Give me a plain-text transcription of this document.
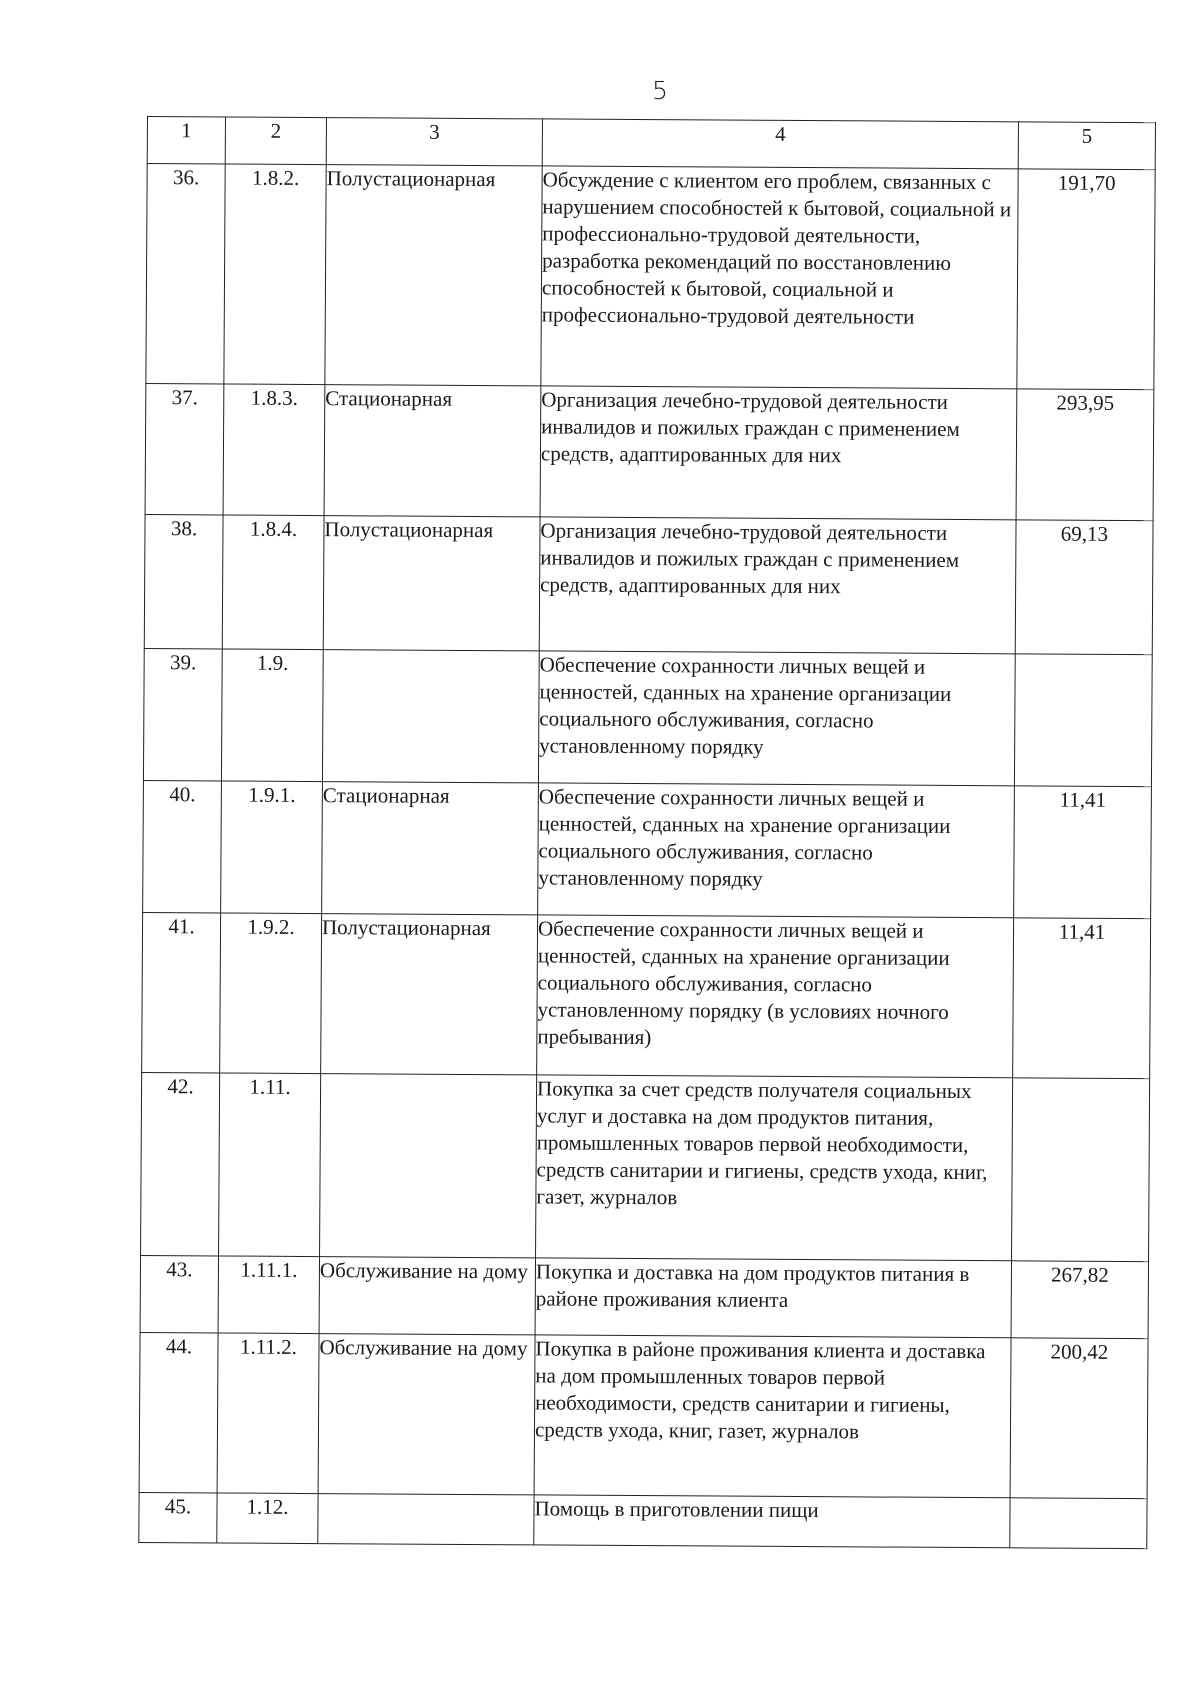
5
1	2	3	4	5
36.	1.8.2.	Полустационарная	Обсуждение с клиентом его проблем, связанных с нарушением способностей к бытовой, социальной и профессионально-трудовой деятельности, разработка рекомендаций по восстановлению способностей к бытовой, социальной и профессионально-трудовой деятельности	191,70
37.	1.8.3.	Стационарная	Организация лечебно-трудовой деятельности инвалидов и пожилых граждан с применением средств, адаптированных для них	293,95
38.	1.8.4.	Полустационарная	Организация лечебно-трудовой деятельности инвалидов и пожилых граждан с применением средств, адаптированных для них	69,13
39.	1.9.		Обеспечение сохранности личных вещей и ценностей, сданных на хранение организации социального обслуживания, согласно установленному порядку	
40.	1.9.1.	Стационарная	Обеспечение сохранности личных вещей и ценностей, сданных на хранение организации социального обслуживания, согласно установленному порядку	11,41
41.	1.9.2.	Полустационарная	Обеспечение сохранности личных вещей и ценностей, сданных на хранение организации социального обслуживания, согласно установленному порядку (в условиях ночного пребывания)	11,41
42.	1.11.		Покупка за счет средств получателя социальных услуг и доставка на дом продуктов питания, промышленных товаров первой необходимости, средств санитарии и гигиены, средств ухода, книг, газет, журналов	
43.	1.11.1.	Обслуживание на дому	Покупка и доставка на дом продуктов питания в районе проживания клиента	267,82
44.	1.11.2.	Обслуживание на дому	Покупка в районе проживания клиента и доставка на дом промышленных товаров первой необходимости, средств санитарии и гигиены, средств ухода, книг, газет, журналов	200,42
45.	1.12.		Помощь в приготовлении пищи	
